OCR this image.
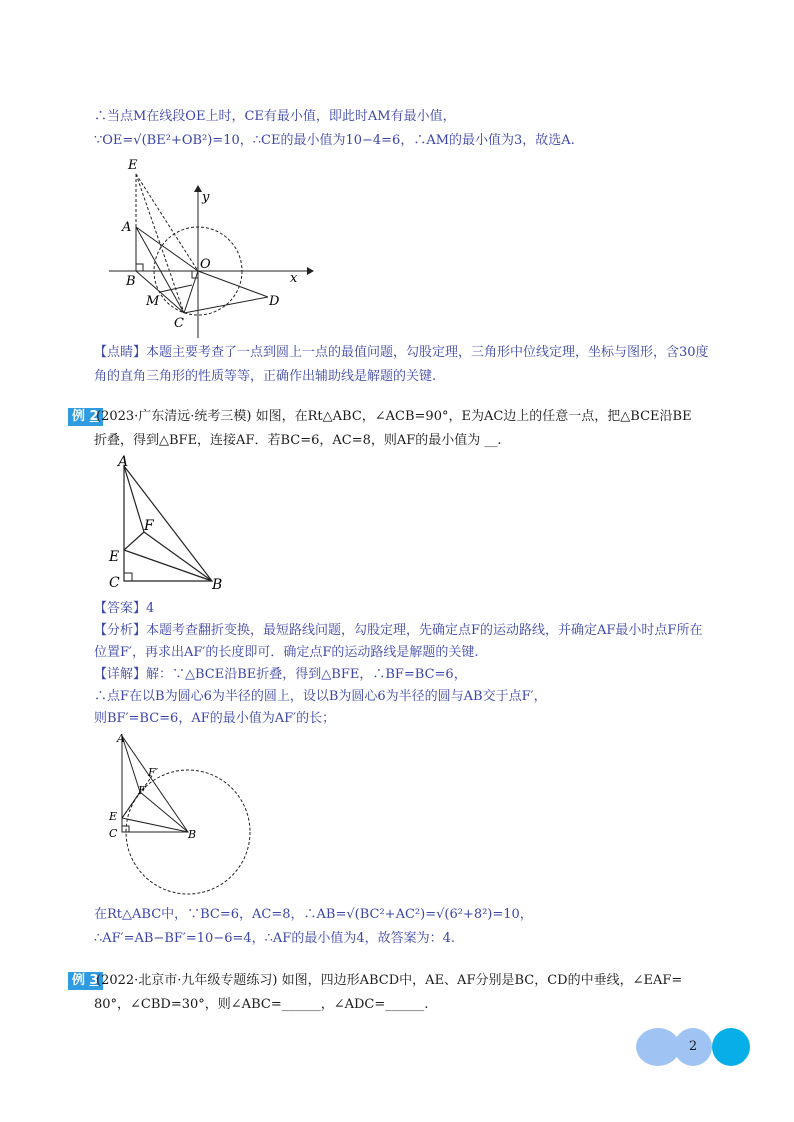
∴当点M在线段OE上时，CE有最小值，即此时AM有最小值，
∵OE=√(BE²+OB²)=10，∴CE的最小值为10−4=6，∴AM的最小值为3，故选A.
E
y
A
O
x
B
M	D
C
【点睛】本题主要考查了一点到圆上一点的最值问题，勾股定理，三角形中位线定理，坐标与图形，含30度
角的直角三角形的性质等等，正确作出辅助线是解题的关键.
例 2
(2023·广东清远·统考三模) 如图，在Rt△ABC，∠ACB=90°，E为AC边上的任意一点，把△BCE沿BE
折叠，得到△BFE，连接AF．若BC=6，AC=8，则AF的最小值为 __.
A
F
E
C	B
【答案】4
【分析】本题考查翻折变换，最短路线问题，勾股定理，先确定点F的运动路线，并确定AF最小时点F所在
位置F′，再求出AF′的长度即可．确定点F的运动路线是解题的关键.
【详解】解：∵△BCE沿BE折叠，得到△BFE，∴BF=BC=6，
∴点F在以B为圆心6为半径的圆上，设以B为圆心6为半径的圆与AB交于点F′，
则BF′=BC=6，AF的最小值为AF′的长；
A
F′
F
E
C	B
在Rt△ABC中，∵BC=6，AC=8，∴AB=√(BC²+AC²)=√(6²+8²)=10，
∴AF′=AB−BF′=10−6=4，∴AF的最小值为4，故答案为：4.
例 3
(2022·北京市·九年级专题练习) 如图，四边形ABCD中，AE、AF分别是BC，CD的中垂线，∠EAF=
80°，∠CBD=30°，则∠ABC=______，∠ADC=______.
2
